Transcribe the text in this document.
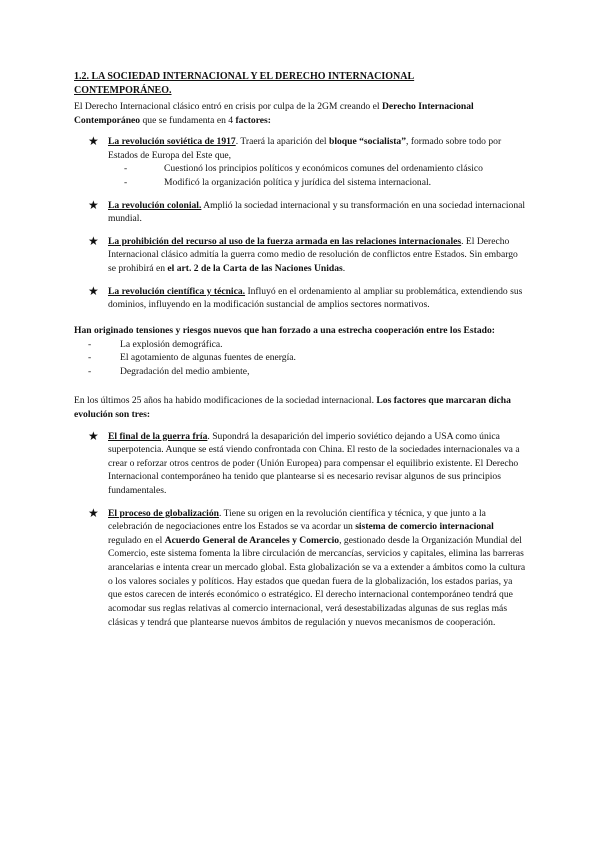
1.2. LA SOCIEDAD INTERNACIONAL Y EL DERECHO INTERNACIONAL
CONTEMPORÁNEO.

El Derecho Internacional clásico entró en crisis por culpa de la 2GM creando el Derecho Internacional Contemporáneo que se fundamenta en 4 factores:

★ La revolución soviética de 1917. Traerá la aparición del bloque “socialista”, formado sobre todo por Estados de Europa del Este que,
-	Cuestionó los principios políticos y económicos comunes del ordenamiento clásico
-	Modificó la organización política y jurídica del sistema internacional.
★ La revolución colonial. Amplió la sociedad internacional y su transformación en una sociedad internacional mundial.
★ La prohibición del recurso al uso de la fuerza armada en las relaciones internacionales. El Derecho Internacional clásico admitía la guerra como medio de resolución de conflictos entre Estados. Sin embargo se prohibirá en el art. 2 de la Carta de las Naciones Unidas.
★ La revolución científica y técnica. Influyó en el ordenamiento al ampliar su problemática, extendiendo sus dominios, influyendo en la modificación sustancial de amplios sectores normativos.

Han originado tensiones y riesgos nuevos que han forzado a una estrecha cooperación entre los Estado:

-	La explosión demográfica.
-	El agotamiento de algunas fuentes de energía.
-	Degradación del medio ambiente,

En los últimos 25 años ha habido modificaciones de la sociedad internacional. Los factores que marcaran dicha evolución son tres:

★ El final de la guerra fría. Supondrá la desaparición del imperio soviético dejando a USA como única superpotencia. Aunque se está viendo confrontada con China. El resto de la sociedades internacionales va a crear o reforzar otros centros de poder (Unión Europea) para compensar el equilibrio existente. El Derecho Internacional contemporáneo ha tenido que plantearse si es necesario revisar algunos de sus principios fundamentales.
★ El proceso de globalización. Tiene su origen en la revolución científica y técnica, y que junto a la celebración de negociaciones entre los Estados se va acordar un sistema de comercio internacional regulado en el Acuerdo General de Aranceles y Comercio, gestionado desde la Organización Mundial del Comercio, este sistema fomenta la libre circulación de mercancías, servicios y capitales, elimina las barreras arancelarias e intenta crear un mercado global. Esta globalización se va a extender a ámbitos como la cultura o los valores sociales y políticos. Hay estados que quedan fuera de la globalización, los estados parias, ya que estos carecen de interés económico o estratégico. El derecho internacional contemporáneo tendrá que acomodar sus reglas relativas al comercio internacional, verá desestabilizadas algunas de sus reglas más clásicas y tendrá que plantearse nuevos ámbitos de regulación y nuevos mecanismos de cooperación.
